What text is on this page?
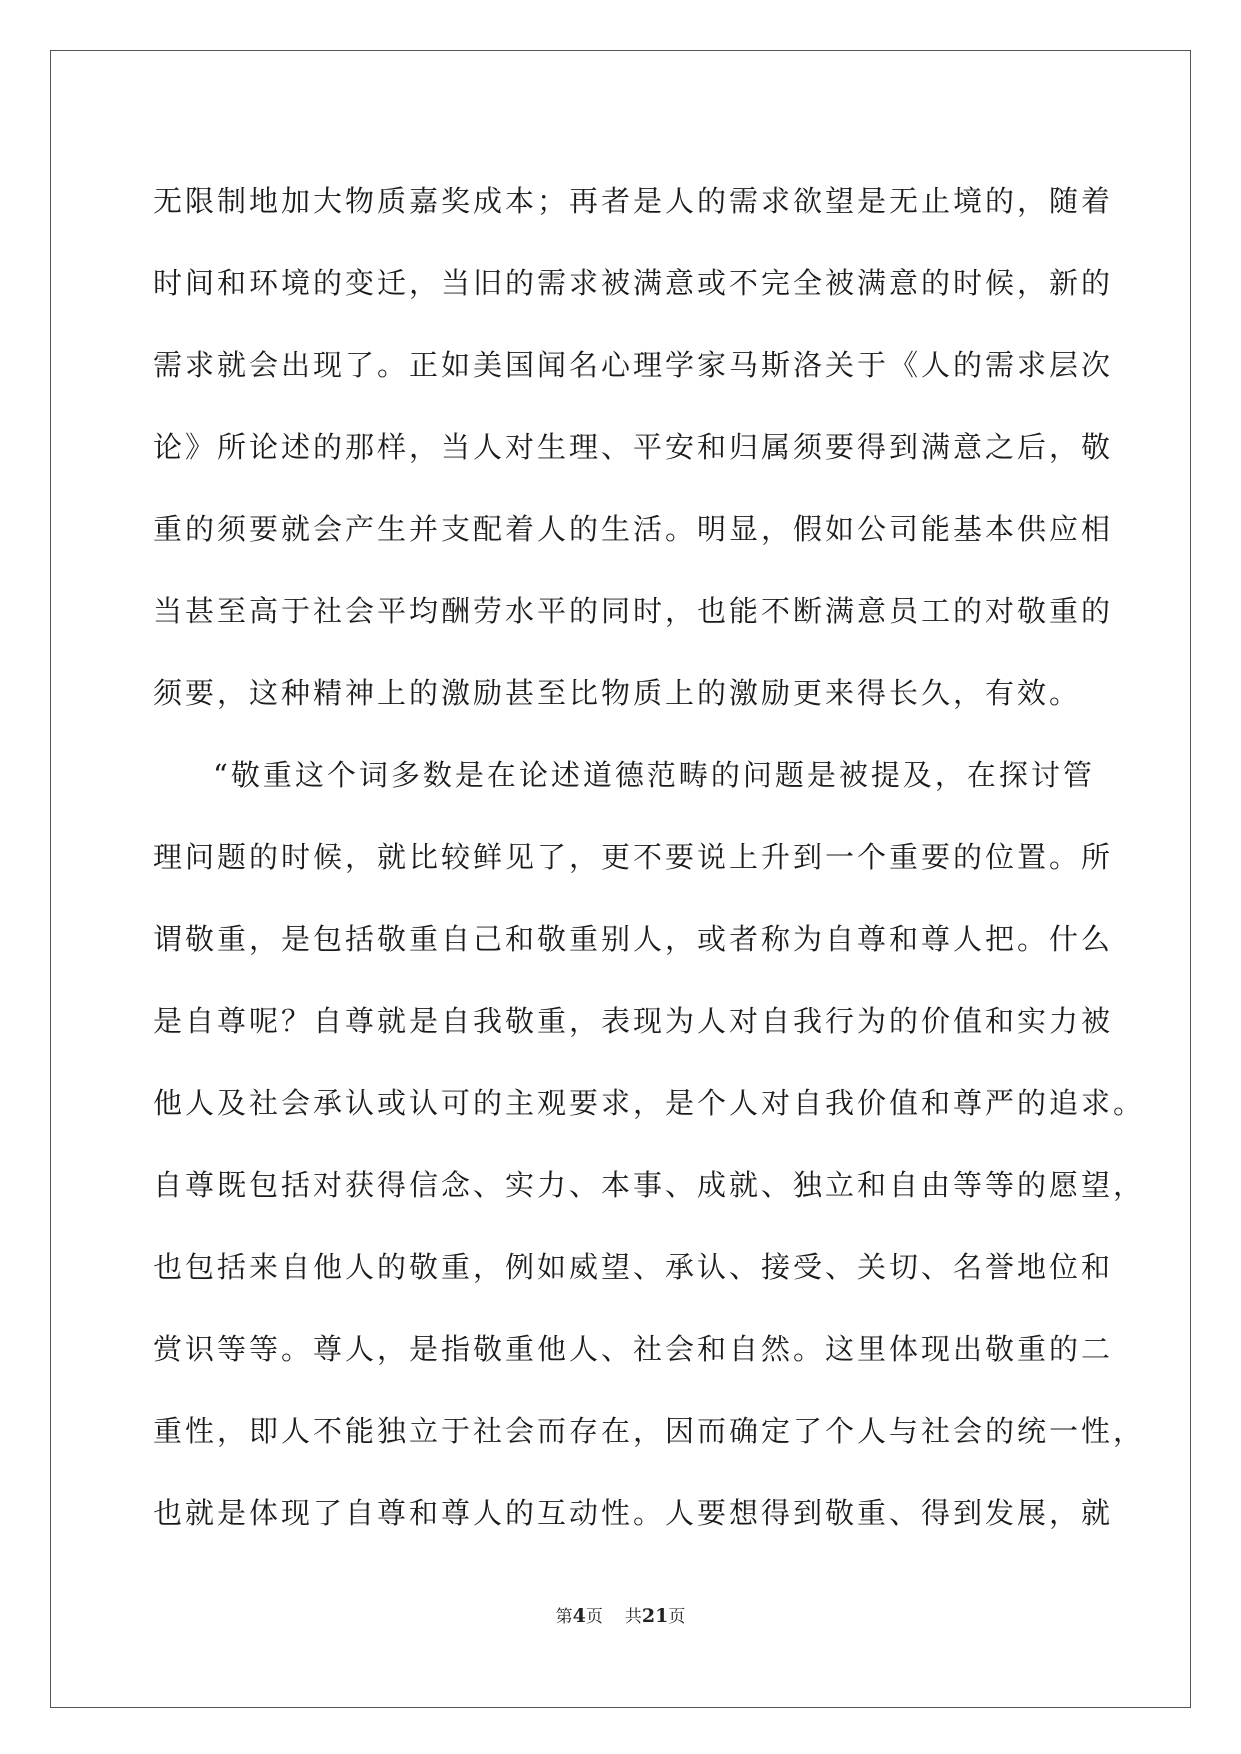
无限制地加大物质嘉奖成本；再者是人的需求欲望是无止境的，随着
时间和环境的变迁，当旧的需求被满意或不完全被满意的时候，新的
需求就会出现了。正如美国闻名心理学家马斯洛关于《人的需求层次
论》所论述的那样，当人对生理、平安和归属须要得到满意之后，敬
重的须要就会产生并支配着人的生活。明显，假如公司能基本供应相
当甚至高于社会平均酬劳水平的同时，也能不断满意员工的对敬重的
须要，这种精神上的激励甚至比物质上的激励更来得长久，有效。
“敬重这个词多数是在论述道德范畴的问题是被提及，在探讨管
理问题的时候，就比较鲜见了，更不要说上升到一个重要的位置。所
谓敬重，是包括敬重自己和敬重别人，或者称为自尊和尊人把。什么
是自尊呢？自尊就是自我敬重，表现为人对自我行为的价值和实力被
他人及社会承认或认可的主观要求，是个人对自我价值和尊严的追求。
自尊既包括对获得信念、实力、本事、成就、独立和自由等等的愿望，
也包括来自他人的敬重，例如威望、承认、接受、关切、名誉地位和
赏识等等。尊人，是指敬重他人、社会和自然。这里体现出敬重的二
重性，即人不能独立于社会而存在，因而确定了个人与社会的统一性，
也就是体现了自尊和尊人的互动性。人要想得到敬重、得到发展，就
第4页 共21页
